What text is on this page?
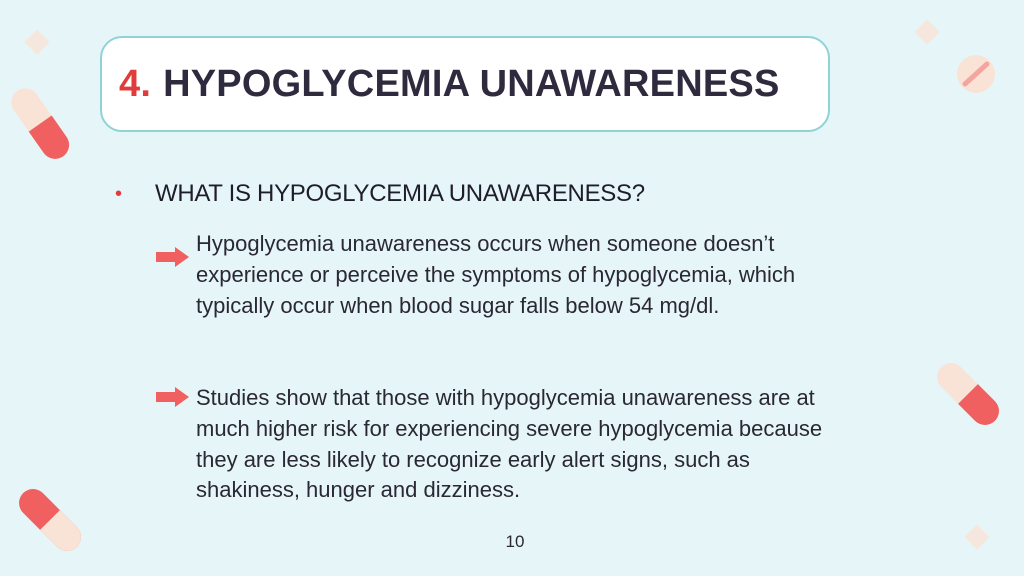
4. HYPOGLYCEMIA UNAWARENESS
•	WHAT IS HYPOGLYCEMIA UNAWARENESS?
Hypoglycemia unawareness occurs when someone doesn’t experience or perceive the symptoms of hypoglycemia, which typically occur when blood sugar falls below 54 mg/dl.
Studies show that those with hypoglycemia unawareness are at much higher risk for experiencing severe hypoglycemia because they are less likely to recognize early alert signs, such as shakiness, hunger and dizziness.
10
